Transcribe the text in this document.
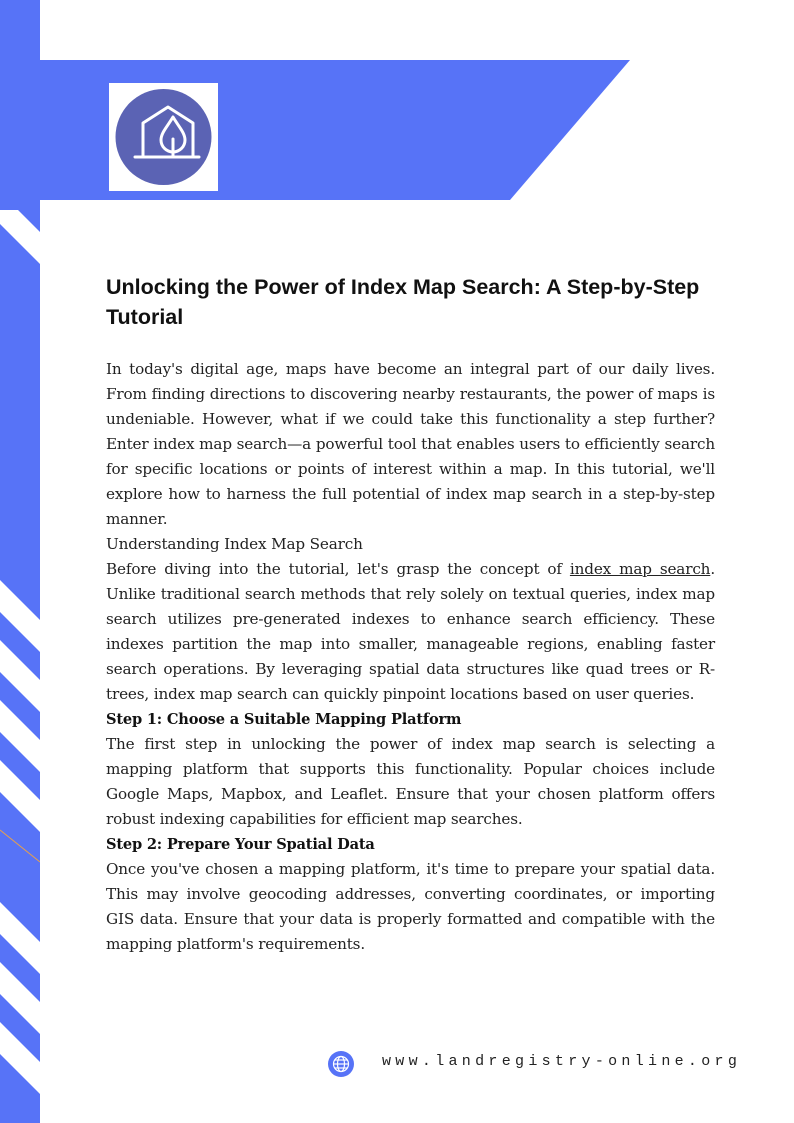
Unlocking the Power of Index Map Search: A Step-by-Step Tutorial

In today's digital age, maps have become an integral part of our daily lives. From finding directions to discovering nearby restaurants, the power of maps is undeniable. However, what if we could take this functionality a step further? Enter index map search—a powerful tool that enables users to efficiently search for specific locations or points of interest within a map. In this tutorial, we'll explore how to harness the full potential of index map search in a step-by-step manner.

Understanding Index Map Search

Before diving into the tutorial, let's grasp the concept of index map search. Unlike traditional search methods that rely solely on textual queries, index map search utilizes pre-generated indexes to enhance search efficiency. These indexes partition the map into smaller, manageable regions, enabling faster search operations. By leveraging spatial data structures like quad trees or R-trees, index map search can quickly pinpoint locations based on user queries.

Step 1: Choose a Suitable Mapping Platform

The first step in unlocking the power of index map search is selecting a mapping platform that supports this functionality. Popular choices include Google Maps, Mapbox, and Leaflet. Ensure that your chosen platform offers robust indexing capabilities for efficient map searches.

Step 2: Prepare Your Spatial Data

Once you've chosen a mapping platform, it's time to prepare your spatial data. This may involve geocoding addresses, converting coordinates, or importing GIS data. Ensure that your data is properly formatted and compatible with the mapping platform's requirements.

www.landregistry-online.org
